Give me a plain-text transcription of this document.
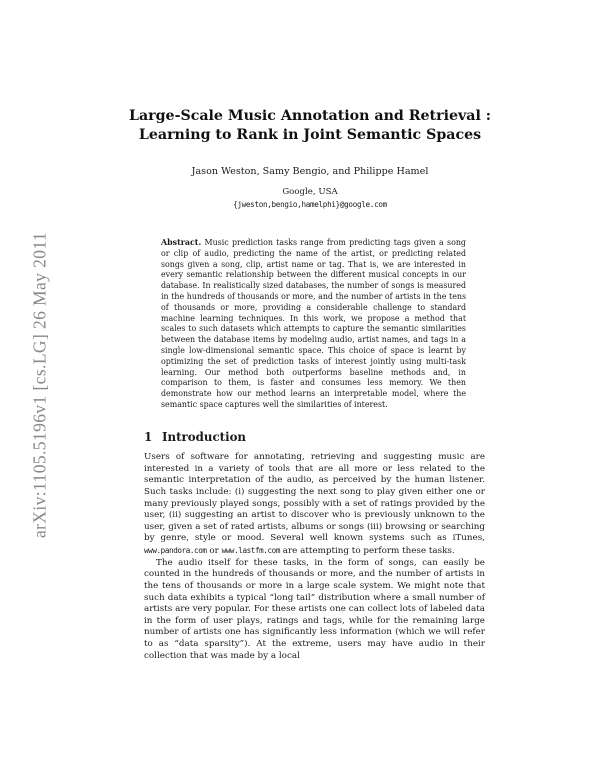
arXiv:1105.5196v1 [cs.LG] 26 May 2011
Large-Scale Music Annotation and Retrieval :
Learning to Rank in Joint Semantic Spaces
Jason Weston, Samy Bengio, and Philippe Hamel
Google, USA
{jweston,bengio,hamelphi}@google.com
Abstract. Music prediction tasks range from predicting tags given a song or clip of audio, predicting the name of the artist, or predicting related songs given a song, clip, artist name or tag. That is, we are interested in every semantic relationship between the different musical concepts in our database. In realistically sized databases, the number of songs is measured in the hundreds of thousands or more, and the number of artists in the tens of thousands or more, providing a considerable challenge to standard machine learning techniques. In this work, we propose a method that scales to such datasets which attempts to capture the semantic similarities between the database items by modeling audio, artist names, and tags in a single low-dimensional semantic space. This choice of space is learnt by optimizing the set of prediction tasks of interest jointly using multi-task learning. Our method both outperforms baseline methods and, in comparison to them, is faster and consumes less memory. We then demonstrate how our method learns an interpretable model, where the semantic space captures well the similarities of interest.
1 Introduction

Users of software for annotating, retrieving and suggesting music are interested in a variety of tools that are all more or less related to the semantic interpretation of the audio, as perceived by the human listener. Such tasks include: (i) suggesting the next song to play given either one or many previously played songs, possibly with a set of ratings provided by the user, (ii) suggesting an artist to discover who is previously unknown to the user, given a set of rated artists, albums or songs (iii) browsing or searching by genre, style or mood. Several well known systems such as iTunes, www.pandora.com or www.lastfm.com are attempting to perform these tasks.

The audio itself for these tasks, in the form of songs, can easily be counted in the hundreds of thousands or more, and the number of artists in the tens of thousands or more in a large scale system. We might note that such data exhibits a typical “long tail” distribution where a small number of artists are very popular. For these artists one can collect lots of labeled data in the form of user plays, ratings and tags, while for the remaining large number of artists one has significantly less information (which we will refer to as “data sparsity”). At the extreme, users may have audio in their collection that was made by a local
